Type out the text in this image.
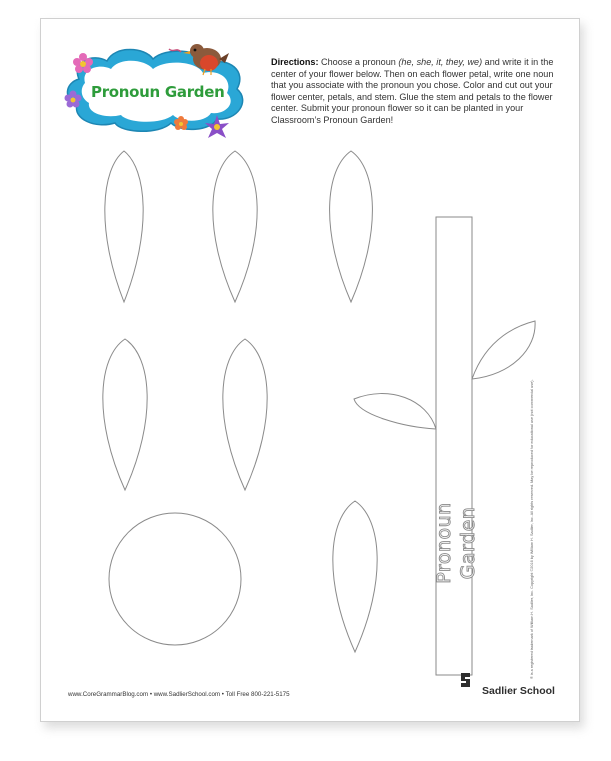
Pronoun Garden
Directions: Choose a pronoun (he, she, it, they, we) and write it in the center of your flower below. Then on each flower petal, write one noun that you associate with the pronoun you chose. Color and cut out your flower center, petals, and stem. Glue the stem and petals to the flower center. Submit your pronoun flower so it can be planted in your Classroom’s Pronoun Garden!
Pronoun Garden	® is a registered trademark of William H. Sadlier, Inc. Copyright ©2016 by William H. Sadlier, Inc. All rights reserved. May be reproduced for educational use (not commercial use).
www.CoreGrammarBlog.com • www.SadlierSchool.com • Toll Free 800-221-5175	Sadlier School
